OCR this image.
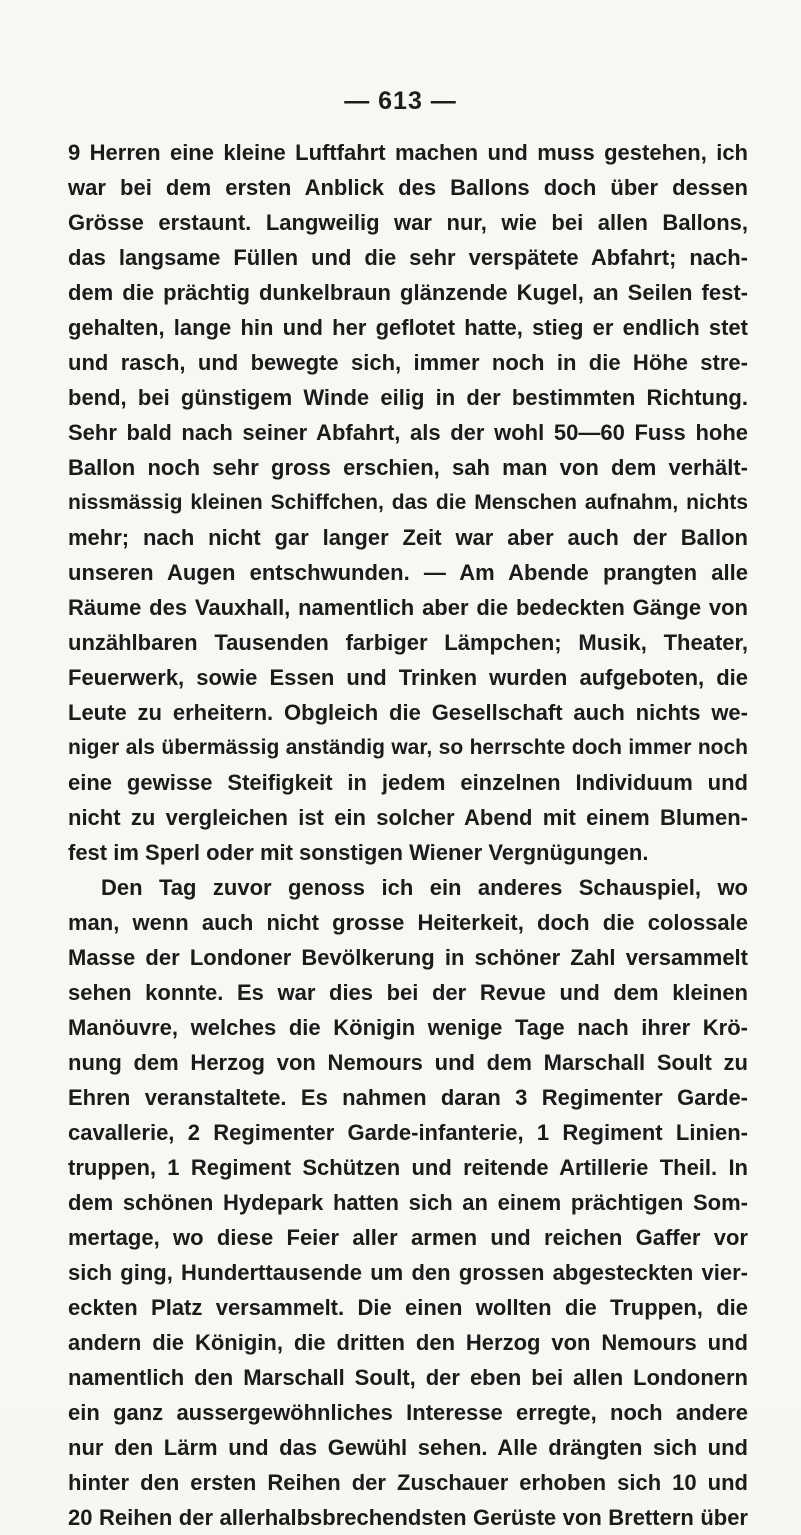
— 613 —
9 Herren eine kleine Luftfahrt machen und muss gestehen, ich
war bei dem ersten Anblick des Ballons doch über dessen
Grösse erstaunt. Langweilig war nur, wie bei allen Ballons,
das langsame Füllen und die sehr verspätete Abfahrt; nach-
dem die prächtig dunkelbraun glänzende Kugel, an Seilen fest-
gehalten, lange hin und her geflotet hatte, stieg er endlich stet
und rasch, und bewegte sich, immer noch in die Höhe stre-
bend, bei günstigem Winde eilig in der bestimmten Richtung.
Sehr bald nach seiner Abfahrt, als der wohl 50—60 Fuss hohe
Ballon noch sehr gross erschien, sah man von dem verhält-
nissmässig kleinen Schiffchen, das die Menschen aufnahm, nichts
mehr; nach nicht gar langer Zeit war aber auch der Ballon
unseren Augen entschwunden. — Am Abende prangten alle
Räume des Vauxhall, namentlich aber die bedeckten Gänge von
unzählbaren Tausenden farbiger Lämpchen; Musik, Theater,
Feuerwerk, sowie Essen und Trinken wurden aufgeboten, die
Leute zu erheitern. Obgleich die Gesellschaft auch nichts we-
niger als übermässig anständig war, so herrschte doch immer noch
eine gewisse Steifigkeit in jedem einzelnen Individuum und
nicht zu vergleichen ist ein solcher Abend mit einem Blumen-
fest im Sperl oder mit sonstigen Wiener Vergnügungen.
Den Tag zuvor genoss ich ein anderes Schauspiel, wo
man, wenn auch nicht grosse Heiterkeit, doch die colossale
Masse der Londoner Bevölkerung in schöner Zahl versammelt
sehen konnte. Es war dies bei der Revue und dem kleinen
Manöuvre, welches die Königin wenige Tage nach ihrer Krö-
nung dem Herzog von Nemours und dem Marschall Soult zu
Ehren veranstaltete. Es nahmen daran 3 Regimenter Garde-
cavallerie, 2 Regimenter Garde-infanterie, 1 Regiment Linien-
truppen, 1 Regiment Schützen und reitende Artillerie Theil. In
dem schönen Hydepark hatten sich an einem prächtigen Som-
mertage, wo diese Feier aller armen und reichen Gaffer vor
sich ging, Hunderttausende um den grossen abgesteckten vier-
eckten Platz versammelt. Die einen wollten die Truppen, die
andern die Königin, die dritten den Herzog von Nemours und
namentlich den Marschall Soult, der eben bei allen Londonern
ein ganz aussergewöhnliches Interesse erregte, noch andere
nur den Lärm und das Gewühl sehen. Alle drängten sich und
hinter den ersten Reihen der Zuschauer erhoben sich 10 und
20 Reihen der allerhalbsbrechendsten Gerüste von Brettern über
